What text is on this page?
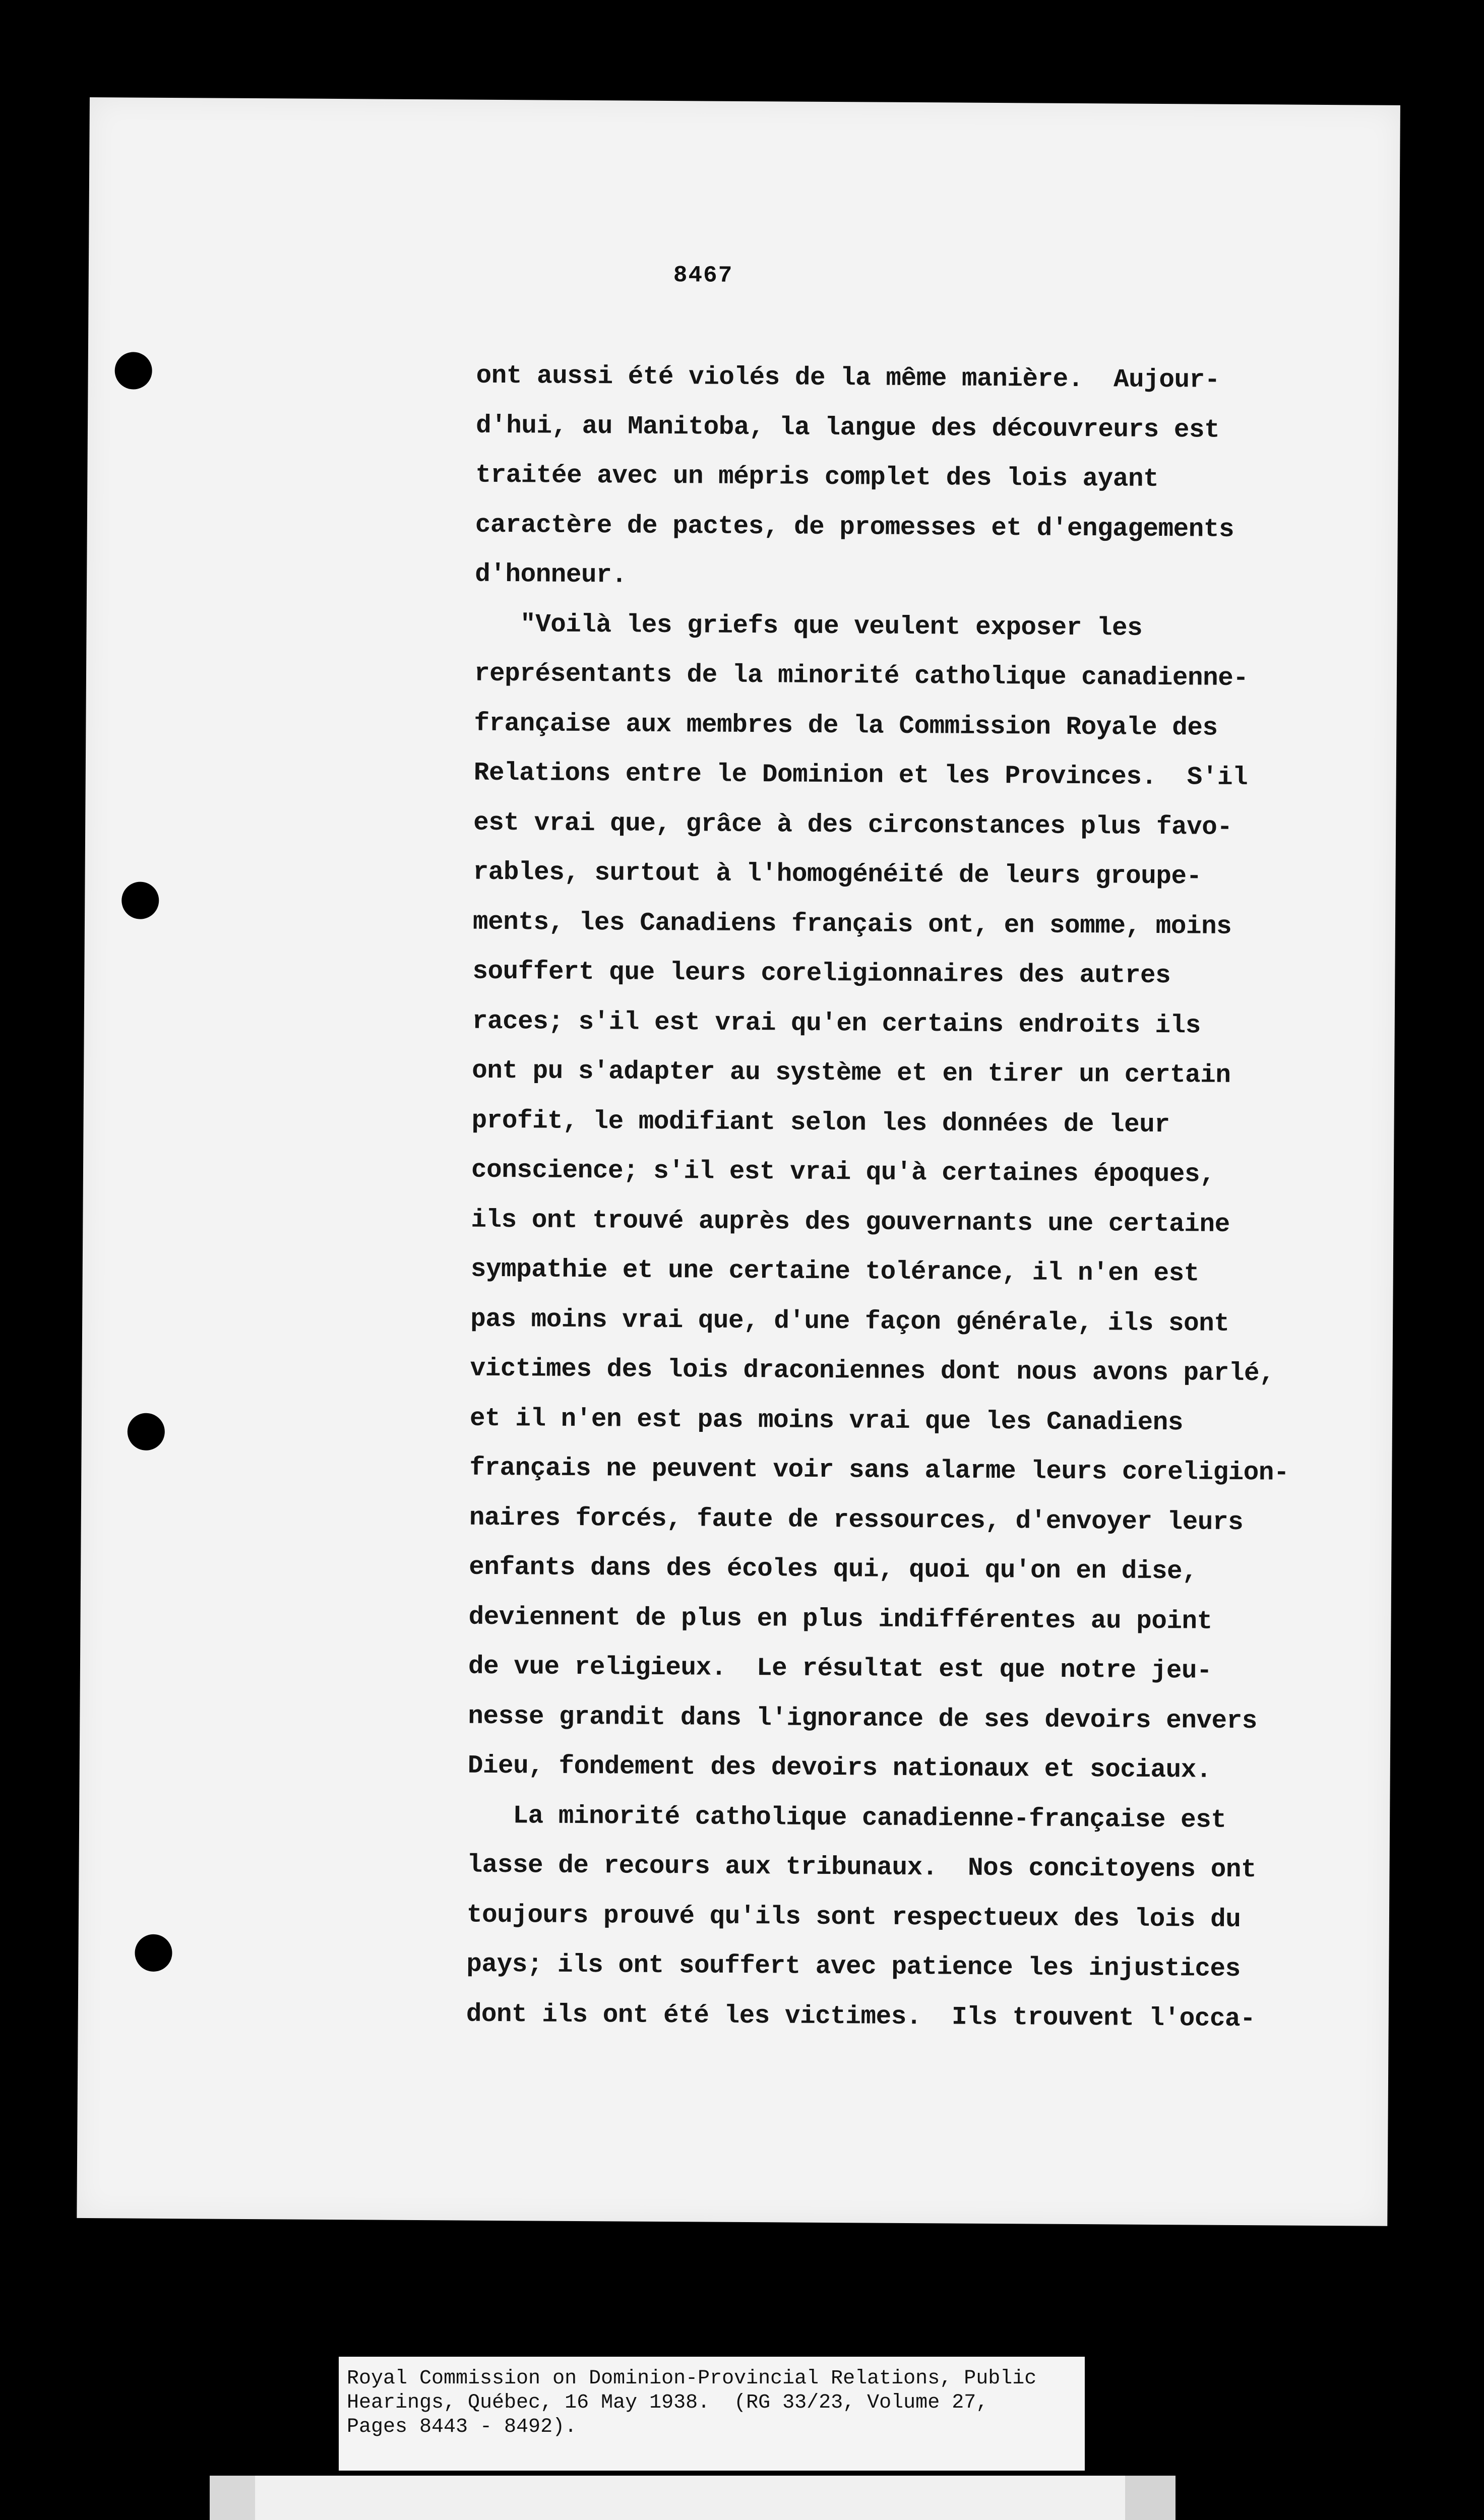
8467
ont aussi été violés de la même manière.  Aujour-
d'hui, au Manitoba, la langue des découvreurs est
traitée avec un mépris complet des lois ayant
caractère de pactes, de promesses et d'engagements
d'honneur.
"Voilà les griefs que veulent exposer les
représentants de la minorité catholique canadienne-
française aux membres de la Commission Royale des
Relations entre le Dominion et les Provinces.  S'il
est vrai que, grâce à des circonstances plus favo-
rables, surtout à l'homogénéité de leurs groupe-
ments, les Canadiens français ont, en somme, moins
souffert que leurs coreligionnaires des autres
races; s'il est vrai qu'en certains endroits ils
ont pu s'adapter au système et en tirer un certain
profit, le modifiant selon les données de leur
conscience; s'il est vrai qu'à certaines époques,
ils ont trouvé auprès des gouvernants une certaine
sympathie et une certaine tolérance, il n'en est
pas moins vrai que, d'une façon générale, ils sont
victimes des lois draconiennes dont nous avons parlé,
et il n'en est pas moins vrai que les Canadiens
français ne peuvent voir sans alarme leurs coreligion-
naires forcés, faute de ressources, d'envoyer leurs
enfants dans des écoles qui, quoi qu'on en dise,
deviennent de plus en plus indifférentes au point
de vue religieux.  Le résultat est que notre jeu-
nesse grandit dans l'ignorance de ses devoirs envers
Dieu, fondement des devoirs nationaux et sociaux.
La minorité catholique canadienne-française est
lasse de recours aux tribunaux.  Nos concitoyens ont
toujours prouvé qu'ils sont respectueux des lois du
pays; ils ont souffert avec patience les injustices
dont ils ont été les victimes.  Ils trouvent l'occa-
Royal Commission on Dominion-Provincial Relations, Public
Hearings, Québec, 16 May 1938.  (RG 33/23, Volume 27,
Pages 8443 - 8492).
